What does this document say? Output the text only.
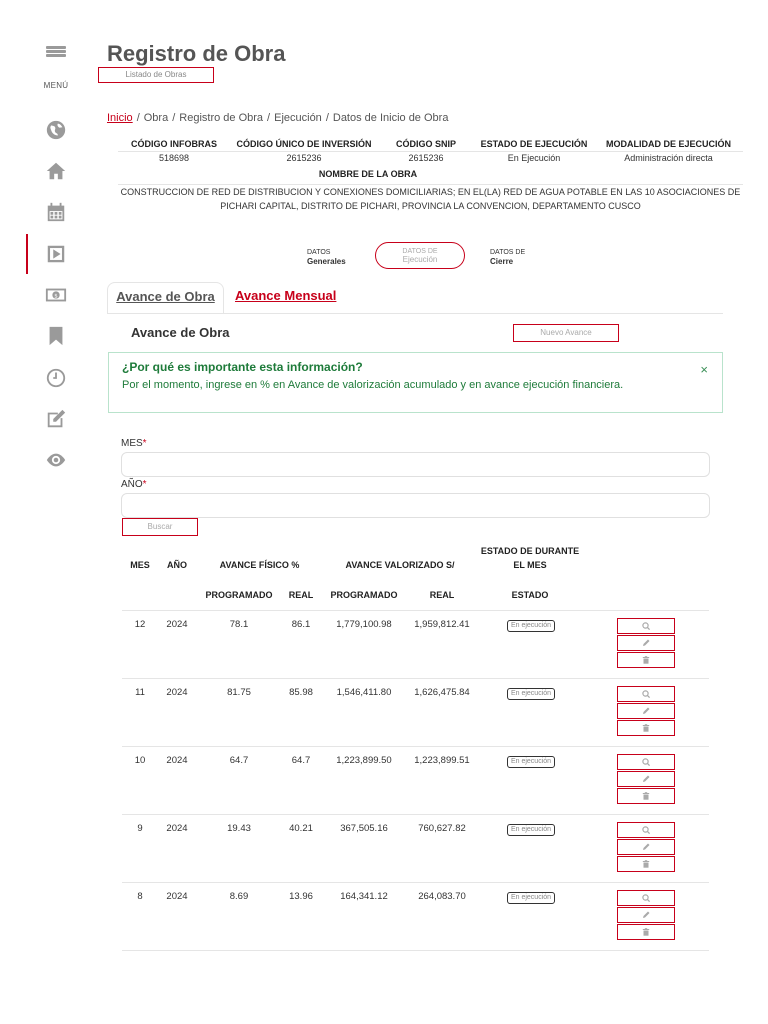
MENÚ
$
Registro de Obra
Listado de Obras
Inicio / Obra / Registro de Obra / Ejecución / Datos de Inicio de Obra
CÓDIGO INFOBRAS	CÓDIGO ÚNICO DE INVERSIÓN	CÓDIGO SNIP	ESTADO DE EJECUCIÓN	MODALIDAD DE EJECUCIÓN
518698	2615236	2615236	En Ejecución	Administración directa
NOMBRE DE LA OBRA
CONSTRUCCION DE RED DE DISTRIBUCION Y CONEXIONES DOMICILIARIAS; EN EL(LA) RED DE AGUA POTABLE EN LAS 10 ASOCIACIONES DE PICHARI CAPITAL, DISTRITO DE PICHARI, PROVINCIA LA CONVENCION, DEPARTAMENTO CUSCO
DATOS
Generales
DATOS DE
Ejecución
DATOS DE
Cierre
Avance de Obra	Avance Mensual
Avance de Obra	Nuevo Avance
¿Por qué es importante esta información?
Por el momento, ingrese en % en Avance de valorización acumulado y en avance ejecución financiera.
×
MES*
AÑO*
Buscar
MES	AÑO	AVANCE FÍSICO %	AVANCE VALORIZADO S/
ESTADO DE DURANTE EL MES
PROGRAMADO	REAL	PROGRAMADO	REAL	ESTADO
12	2024	78.1	86.1	1,779,100.98	1,959,812.41	En ejecución
11	2024	81.75	85.98	1,546,411.80	1,626,475.84	En ejecución
10	2024	64.7	64.7	1,223,899.50	1,223,899.51	En ejecución
9	2024	19.43	40.21	367,505.16	760,627.82	En ejecución
8	2024	8.69	13.96	164,341.12	264,083.70	En ejecución
